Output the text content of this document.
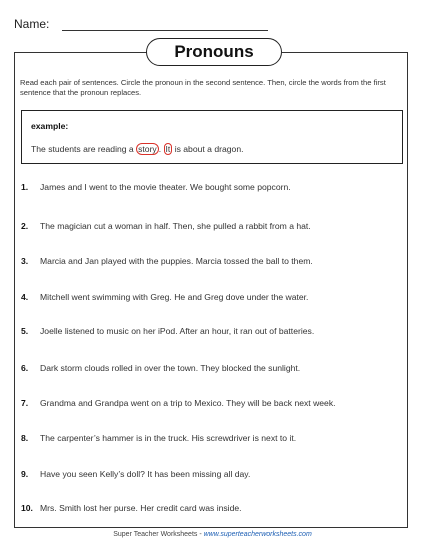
Name:
Pronouns
Read each pair of sentences. Circle the pronoun in the second sentence. Then, circle the words from the first sentence that the pronoun replaces.
example:
The students are reading a story . It is about a dragon.
1. James and I went to the movie theater. We bought some popcorn.
2. The magician cut a woman in half. Then, she pulled a rabbit from a hat.
3. Marcia and Jan played with the puppies. Marcia tossed the ball to them.
4. Mitchell went swimming with Greg. He and Greg dove under the water.
5. Joelle listened to music on her iPod. After an hour, it ran out of batteries.
6. Dark storm clouds rolled in over the town. They blocked the sunlight.
7. Grandma and Grandpa went on a trip to Mexico. They will be back next week.
8. The carpenter’s hammer is in the truck. His screwdriver is next to it.
9. Have you seen Kelly’s doll? It has been missing all day.
10. Mrs. Smith lost her purse. Her credit card was inside.
Super Teacher Worksheets - www.superteacherworksheets.com
